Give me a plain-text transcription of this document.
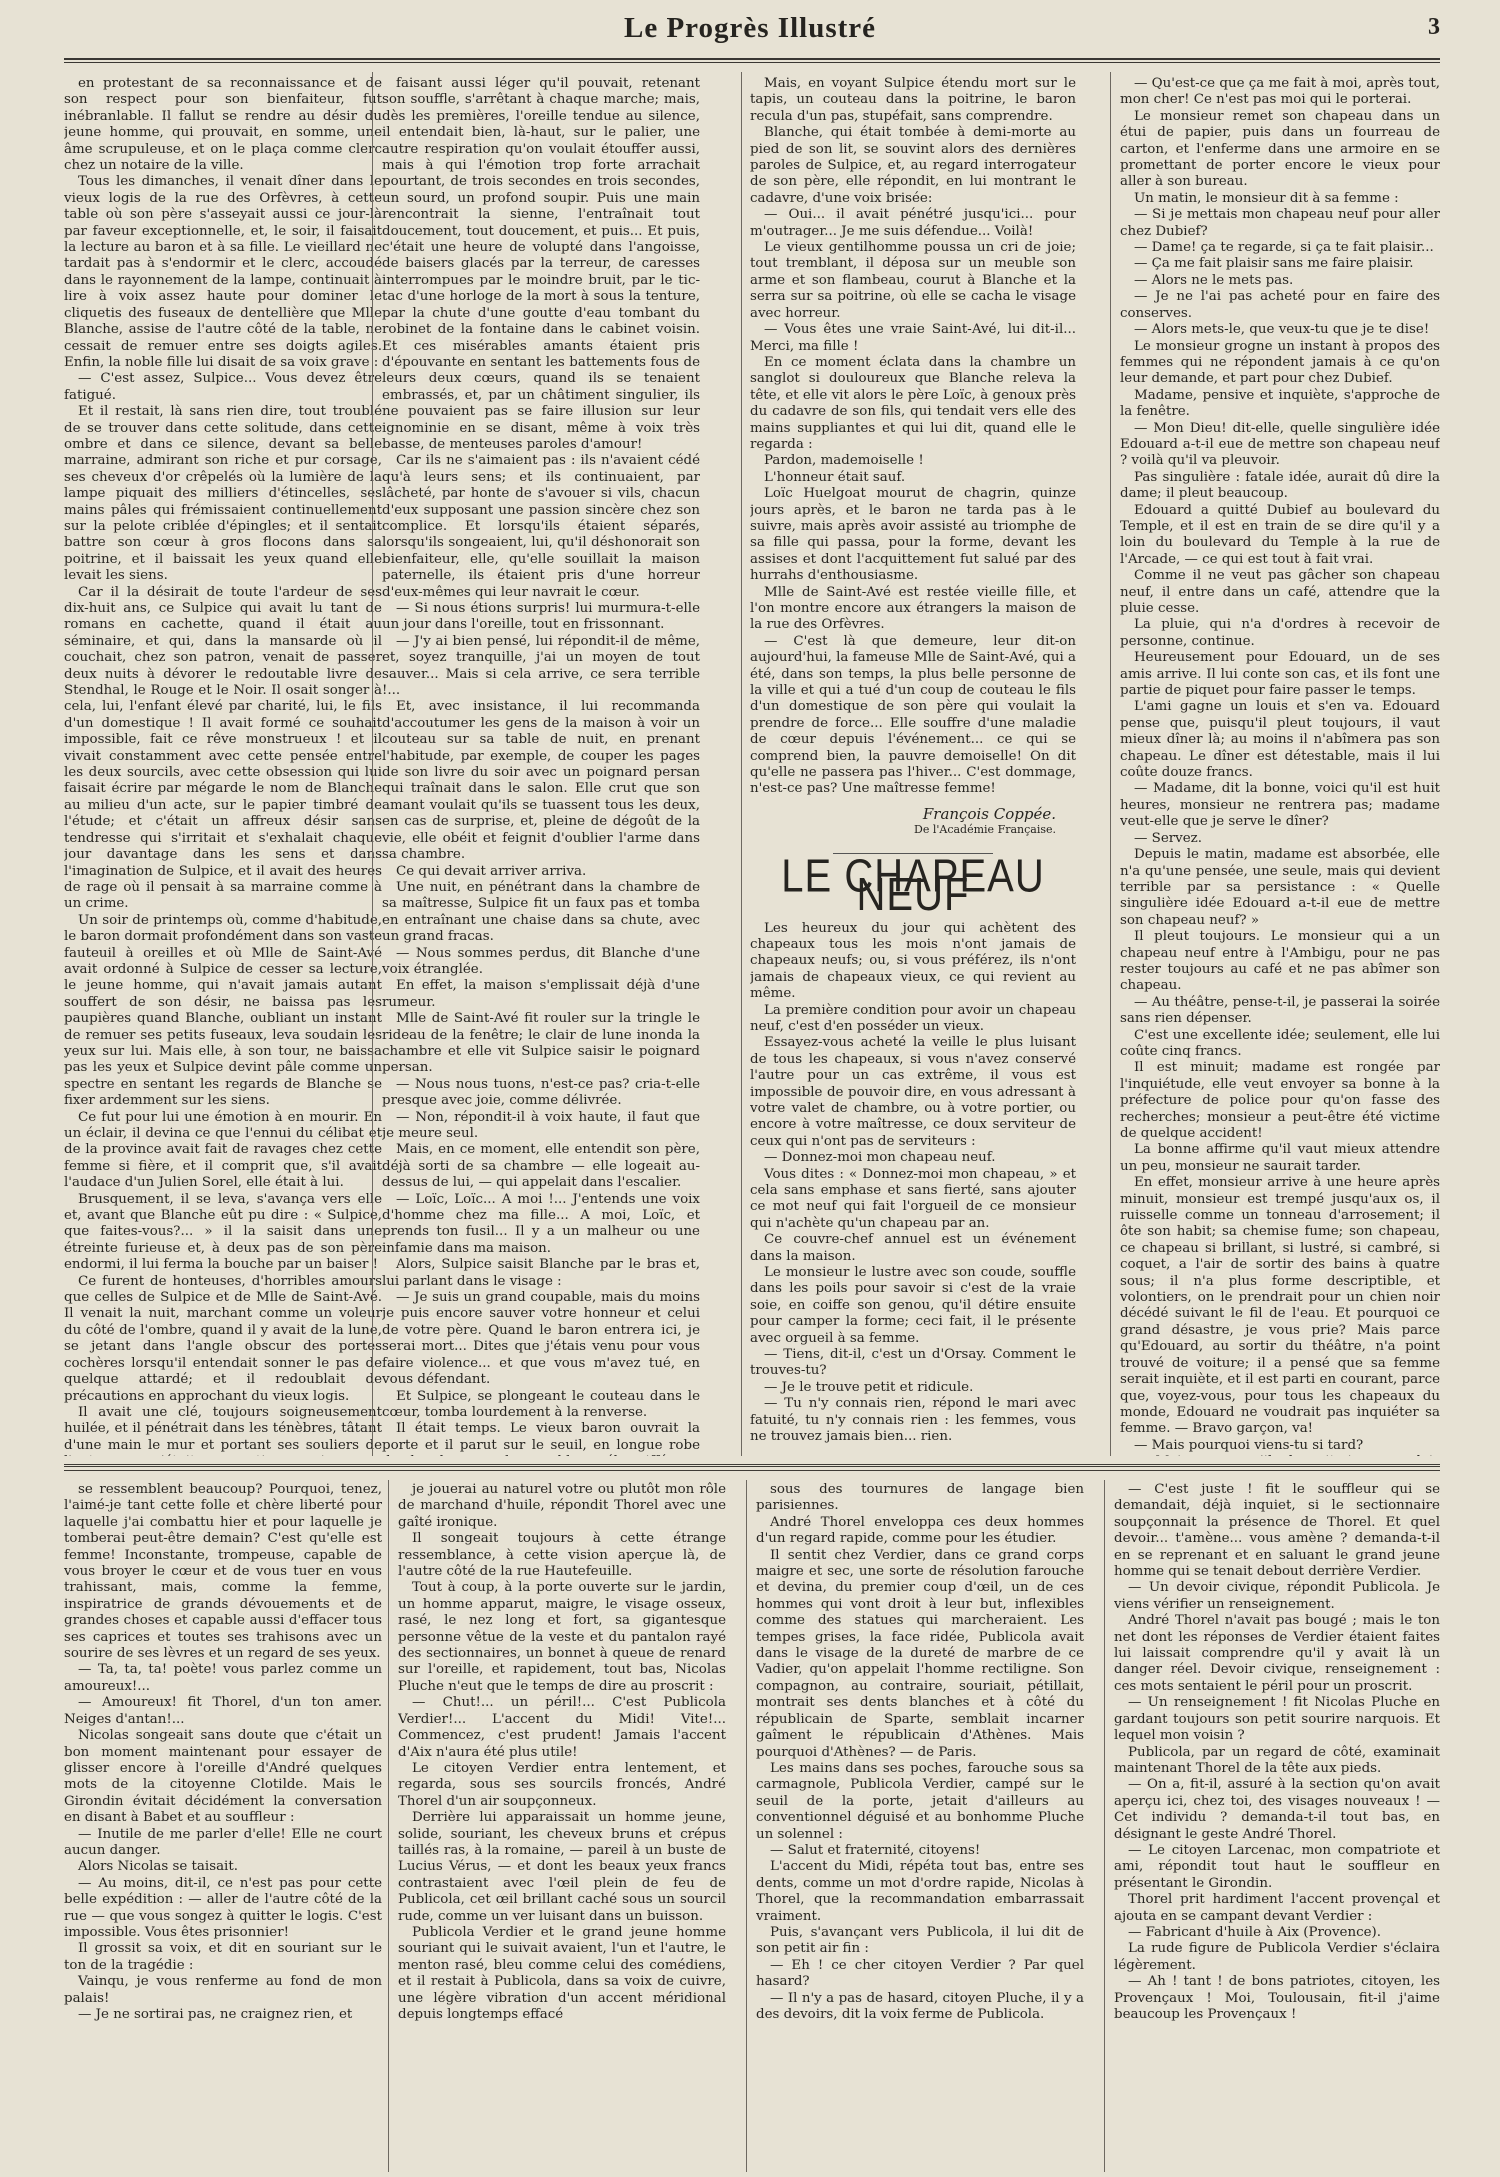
Le Progrès Illustré	3

en protestant de sa reconnaissance et de son respect pour son bienfaiteur, fut inébranlable. Il fallut se rendre au désir du jeune homme, qui prouvait, en somme, une âme scrupuleuse, et on le plaça comme clerc chez un notaire de la ville.

Tous les dimanches, il venait dîner dans le vieux logis de la rue des Orfèvres, à cette table où son père s'asseyait aussi ce jour-là par faveur exceptionnelle, et, le soir, il faisait la lecture au baron et à sa fille. Le vieillard ne tardait pas à s'endormir et le clerc, accoudé dans le rayonnement de la lampe, continuait à lire à voix assez haute pour dominer le cliquetis des fuseaux de dentellière que Mlle Blanche, assise de l'autre côté de la table, ne cessait de remuer entre ses doigts agiles. Enfin, la noble fille lui disait de sa voix grave :

— C'est assez, Sulpice... Vous devez être fatigué.

Et il restait, là sans rien dire, tout troublé de se trouver dans cette solitude, dans cette ombre et dans ce silence, devant sa belle marraine, admirant son riche et pur corsage, ses cheveux d'or crêpelés où la lumière de la lampe piquait des milliers d'étincelles, ses mains pâles qui frémissaient continuellement sur la pelote criblée d'épingles; et il sentait battre son cœur à gros flocons dans sa poitrine, et il baissait les yeux quand elle levait les siens.

Car il la désirait de toute l'ardeur de ses dix-huit ans, ce Sulpice qui avait lu tant de romans en cachette, quand il était au séminaire, et qui, dans la mansarde où il couchait, chez son patron, venait de passer deux nuits à dévorer le redoutable livre de Stendhal, le Rouge et le Noir. Il osait songer à cela, lui, l'enfant élevé par charité, lui, le fils d'un domestique ! Il avait formé ce souhait impossible, fait ce rêve monstrueux ! et il vivait constamment avec cette pensée entre les deux sourcils, avec cette obsession qui lui faisait écrire par mégarde le nom de Blanche au milieu d'un acte, sur le papier timbré de l'étude; et c'était un affreux désir sans tendresse qui s'irritait et s'exhalait chaque jour davantage dans les sens et dans l'imagination de Sulpice, et il avait des heures de rage où il pensait à sa marraine comme à un crime.

Un soir de printemps où, comme d'habitude, le baron dormait profondément dans son vaste fauteuil à oreilles et où Mlle de Saint-Avé avait ordonné à Sulpice de cesser sa lecture, le jeune homme, qui n'avait jamais autant souffert de son désir, ne baissa pas les paupières quand Blanche, oubliant un instant de remuer ses petits fuseaux, leva soudain les yeux sur lui. Mais elle, à son tour, ne baissa pas les yeux et Sulpice devint pâle comme un spectre en sentant les regards de Blanche se fixer ardemment sur les siens.

Ce fut pour lui une émotion à en mourir. En un éclair, il devina ce que l'ennui du célibat et de la province avait fait de ravages chez cette femme si fière, et il comprit que, s'il avait l'audace d'un Julien Sorel, elle était à lui.

Brusquement, il se leva, s'avança vers elle et, avant que Blanche eût pu dire : « Sulpice, que faites-vous?... » il la saisit dans une étreinte furieuse et, à deux pas de son père endormi, il lui ferma la bouche par un baiser !

Ce furent de honteuses, d'horribles amours que celles de Sulpice et de Mlle de Saint-Avé. Il venait la nuit, marchant comme un voleur du côté de l'ombre, quand il y avait de la lune, se jetant dans l'angle obscur des portes cochères lorsqu'il entendait sonner le pas de quelque attardé; et il redoublait de précautions en approchant du vieux logis.

Il avait une clé, toujours soigneusement huilée, et il pénétrait dans les ténèbres, tâtant d'une main le mur et portant ses souliers de

faisant aussi léger qu'il pouvait, retenant son souffle, s'arrêtant à chaque marche; mais, dès les premières, l'oreille tendue au silence, il entendait bien, là-haut, sur le palier, une autre respiration qu'on voulait étouffer aussi, mais à qui l'émotion trop forte arrachait pourtant, de trois secondes en trois secondes, un sourd, un profond soupir. Puis une main rencontrait la sienne, l'entraînait tout doucement, tout doucement, et puis... Et puis, c'était une heure de volupté dans l'angoisse, de baisers glacés par la terreur, de caresses interrompues par le moindre bruit, par le tic-tac d'une horloge de la mort à sous la tenture, par la chute d'une goutte d'eau tombant du robinet de la fontaine dans le cabinet voisin. Et ces misérables amants étaient pris d'épouvante en sentant les battements fous de leurs deux cœurs, quand ils se tenaient embrassés, et, par un châtiment singulier, ils ne pouvaient pas se faire illusion sur leur ignominie en se disant, même à voix très basse, de menteuses paroles d'amour!

Car ils ne s'aimaient pas : ils n'avaient cédé qu'à leurs sens; et ils continuaient, par lâcheté, par honte de s'avouer si vils, chacun d'eux supposant une passion sincère chez son complice. Et lorsqu'ils étaient séparés, lorsqu'ils songeaient, lui, qu'il déshonorait son bienfaiteur, elle, qu'elle souillait la maison paternelle, ils étaient pris d'une horreur d'eux-mêmes qui leur navrait le cœur.

— Si nous étions surpris! lui murmura-t-elle un jour dans l'oreille, tout en frissonnant.

— J'y ai bien pensé, lui répondit-il de même, et, soyez tranquille, j'ai un moyen de tout sauver... Mais si cela arrive, ce sera terrible !...

Et, avec insistance, il lui recommanda d'accoutumer les gens de la maison à voir un couteau sur sa table de nuit, en prenant l'habitude, par exemple, de couper les pages de son livre du soir avec un poignard persan qui traînait dans le salon. Elle crut que son amant voulait qu'ils se tuassent tous les deux, en cas de surprise, et, pleine de dégoût de la vie, elle obéit et feignit d'oublier l'arme dans sa chambre.

Ce qui devait arriver arriva.

Une nuit, en pénétrant dans la chambre de sa maîtresse, Sulpice fit un faux pas et tomba en entraînant une chaise dans sa chute, avec un grand fracas.

— Nous sommes perdus, dit Blanche d'une voix étranglée.

En effet, la maison s'emplissait déjà d'une rumeur.

Mlle de Saint-Avé fit rouler sur la tringle le rideau de la fenêtre; le clair de lune inonda la chambre et elle vit Sulpice saisir le poignard persan.

— Nous nous tuons, n'est-ce pas? cria-t-elle presque avec joie, comme délivrée.

— Non, répondit-il à voix haute, il faut que je meure seul.

Mais, en ce moment, elle entendit son père, déjà sorti de sa chambre — elle logeait au-dessus de lui, — qui appelait dans l'escalier.

— Loïc, Loïc... A moi !... J'entends une voix d'homme chez ma fille... A moi, Loïc, et prends ton fusil... Il y a un malheur ou une infamie dans ma maison.

Alors, Sulpice saisit Blanche par le bras et, lui parlant dans le visage :

— Je suis un grand coupable, mais du moins je puis encore sauver votre honneur et celui de votre père. Quand le baron entrera ici, je serai mort... Dites que j'étais venu pour vous faire violence... et que vous m'avez tué, en vous défendant.

Et Sulpice, se plongeant le couteau dans le cœur, tomba lourdement à la renverse.

Il était temps. Le vieux baron ouvrait la porte et il parut sur le seuil, en longue robe

Mais, en voyant Sulpice étendu mort sur le tapis, un couteau dans la poitrine, le baron recula d'un pas, stupéfait, sans comprendre.

Blanche, qui était tombée à demi-morte au pied de son lit, se souvint alors des dernières paroles de Sulpice, et, au regard interrogateur de son père, elle répondit, en lui montrant le cadavre, d'une voix brisée:

— Oui... il avait pénétré jusqu'ici... pour m'outrager... Je me suis défendue... Voilà!

Le vieux gentilhomme poussa un cri de joie; tout tremblant, il déposa sur un meuble son arme et son flambeau, courut à Blanche et la serra sur sa poitrine, où elle se cacha le visage avec horreur.

— Vous êtes une vraie Saint-Avé, lui dit-il... Merci, ma fille !

En ce moment éclata dans la chambre un sanglot si douloureux que Blanche releva la tête, et elle vit alors le père Loïc, à genoux près du cadavre de son fils, qui tendait vers elle des mains suppliantes et qui lui dit, quand elle le regarda :

Pardon, mademoiselle !

L'honneur était sauf.

Loïc Huelgoat mourut de chagrin, quinze jours après, et le baron ne tarda pas à le suivre, mais après avoir assisté au triomphe de sa fille qui passa, pour la forme, devant les assises et dont l'acquittement fut salué par des hurrahs d'enthousiasme.

Mlle de Saint-Avé est restée vieille fille, et l'on montre encore aux étrangers la maison de la rue des Orfèvres.

— C'est là que demeure, leur dit-on aujourd'hui, la fameuse Mlle de Saint-Avé, qui a été, dans son temps, la plus belle personne de la ville et qui a tué d'un coup de couteau le fils d'un domestique de son père qui voulait la prendre de force... Elle souffre d'une maladie de cœur depuis l'événement... ce qui se comprend bien, la pauvre demoiselle! On dit qu'elle ne passera pas l'hiver... C'est dommage, n'est-ce pas? Une maîtresse femme!

François Coppée.
De l'Académie Française.
LE CHAPEAU NEUF

Les heureux du jour qui achètent des chapeaux tous les mois n'ont jamais de chapeaux neufs; ou, si vous préférez, ils n'ont jamais de chapeaux vieux, ce qui revient au même.

La première condition pour avoir un chapeau neuf, c'est d'en posséder un vieux.

Essayez-vous acheté la veille le plus luisant de tous les chapeaux, si vous n'avez conservé l'autre pour un cas extrême, il vous est impossible de pouvoir dire, en vous adressant à votre valet de chambre, ou à votre portier, ou encore à votre maîtresse, ce doux serviteur de ceux qui n'ont pas de serviteurs :

— Donnez-moi mon chapeau neuf.

Vous dites : « Donnez-moi mon chapeau, » et cela sans emphase et sans fierté, sans ajouter ce mot neuf qui fait l'orgueil de ce monsieur qui n'achète qu'un chapeau par an.

Ce couvre-chef annuel est un événement dans la maison.

Le monsieur le lustre avec son coude, souffle dans les poils pour savoir si c'est de la vraie soie, en coiffe son genou, qu'il détire ensuite pour camper la forme; ceci fait, il le présente avec orgueil à sa femme.

— Tiens, dit-il, c'est un d'Orsay. Comment le trouves-tu?

— Je le trouve petit et ridicule.

— Tu n'y connais rien, répond le mari avec fatuité, tu n'y connais rien : les femmes, vous ne trouvez jamais bien... rien.

— Qu'est-ce que ça me fait à moi, après tout, mon cher! Ce n'est pas moi qui le porterai.

Le monsieur remet son chapeau dans un étui de papier, puis dans un fourreau de carton, et l'enferme dans une armoire en se promettant de porter encore le vieux pour aller à son bureau.

Un matin, le monsieur dit à sa femme :

— Si je mettais mon chapeau neuf pour aller chez Dubief?

— Dame! ça te regarde, si ça te fait plaisir...

— Ça me fait plaisir sans me faire plaisir.

— Alors ne le mets pas.

— Je ne l'ai pas acheté pour en faire des conserves.

— Alors mets-le, que veux-tu que je te dise!

Le monsieur grogne un instant à propos des femmes qui ne répondent jamais à ce qu'on leur demande, et part pour chez Dubief.

Madame, pensive et inquiète, s'approche de la fenêtre.

— Mon Dieu! dit-elle, quelle singulière idée Edouard a-t-il eue de mettre son chapeau neuf ? voilà qu'il va pleuvoir.

Pas singulière : fatale idée, aurait dû dire la dame; il pleut beaucoup.

Edouard a quitté Dubief au boulevard du Temple, et il est en train de se dire qu'il y a loin du boulevard du Temple à la rue de l'Arcade, — ce qui est tout à fait vrai.

Comme il ne veut pas gâcher son chapeau neuf, il entre dans un café, attendre que la pluie cesse.

La pluie, qui n'a d'ordres à recevoir de personne, continue.

Heureusement pour Edouard, un de ses amis arrive. Il lui conte son cas, et ils font une partie de piquet pour faire passer le temps.

L'ami gagne un louis et s'en va. Edouard pense que, puisqu'il pleut toujours, il vaut mieux dîner là; au moins il n'abîmera pas son chapeau. Le dîner est détestable, mais il lui coûte douze francs.

— Madame, dit la bonne, voici qu'il est huit heures, monsieur ne rentrera pas; madame veut-elle que je serve le dîner?

— Servez.

Depuis le matin, madame est absorbée, elle n'a qu'une pensée, une seule, mais qui devient terrible par sa persistance : « Quelle singulière idée Edouard a-t-il eue de mettre son chapeau neuf? »

Il pleut toujours. Le monsieur qui a un chapeau neuf entre à l'Ambigu, pour ne pas rester toujours au café et ne pas abîmer son chapeau.

— Au théâtre, pense-t-il, je passerai la soirée sans rien dépenser.

C'est une excellente idée; seulement, elle lui coûte cinq francs.

Il est minuit; madame est rongée par l'inquiétude, elle veut envoyer sa bonne à la préfecture de police pour qu'on fasse des recherches; monsieur a peut-être été victime de quelque accident!

La bonne affirme qu'il vaut mieux attendre un peu, monsieur ne saurait tarder.

En effet, monsieur arrive à une heure après minuit, monsieur est trempé jusqu'aux os, il ruisselle comme un tonneau d'arrosement; il ôte son habit; sa chemise fume; son chapeau, ce chapeau si brillant, si lustré, si cambré, si coquet, a l'air de sortir des bains à quatre sous; il n'a plus forme descriptible, et volontiers, on le prendrait pour un chien noir décédé suivant le fil de l'eau. Et pourquoi ce grand désastre, je vous prie? Mais parce qu'Edouard, au sortir du théâtre, n'a point trouvé de voiture; il a pensé que sa femme serait inquiète, et il est parti en courant, parce que, voyez-vous, pour tous les chapeaux du monde, Edouard ne voudrait pas inquiéter sa femme. — Bravo garçon, va!

— Mais pourquoi viens-tu si tard?

se ressemblent beaucoup? Pourquoi, tenez, l'aimé-je tant cette folle et chère liberté pour laquelle j'ai combattu hier et pour laquelle je tomberai peut-être demain? C'est qu'elle est femme! Inconstante, trompeuse, capable de vous broyer le cœur et de vous tuer en vous trahissant, mais, comme la femme, inspiratrice de grands dévouements et de grandes choses et capable aussi d'effacer tous ses caprices et toutes ses trahisons avec un sourire de ses lèvres et un regard de ses yeux.

— Ta, ta, ta! poète! vous parlez comme un amoureux!...

— Amoureux! fit Thorel, d'un ton amer. Neiges d'antan!...

Nicolas songeait sans doute que c'était un bon moment maintenant pour essayer de glisser encore à l'oreille d'André quelques mots de la citoyenne Clotilde. Mais le Girondin évitait décidément la conversation en disant à Babet et au souffleur :

— Inutile de me parler d'elle! Elle ne court aucun danger.

Alors Nicolas se taisait.

— Au moins, dit-il, ce n'est pas pour cette belle expédition : — aller de l'autre côté de la rue — que vous songez à quitter le logis. C'est impossible. Vous êtes prisonnier!

Il grossit sa voix, et dit en souriant sur le ton de la tragédie :

Vainqu, je vous renferme au fond de mon palais!

— Je ne sortirai pas, ne craignez rien, et

je jouerai au naturel votre ou plutôt mon rôle de marchand d'huile, répondit Thorel avec une gaîté ironique.

Il songeait toujours à cette étrange ressemblance, à cette vision aperçue là, de l'autre côté de la rue Hautefeuille.

Tout à coup, à la porte ouverte sur le jardin, un homme apparut, maigre, le visage osseux, rasé, le nez long et fort, sa gigantesque personne vêtue de la veste et du pantalon rayé des sectionnaires, un bonnet à queue de renard sur l'oreille, et rapidement, tout bas, Nicolas Pluche n'eut que le temps de dire au proscrit :

— Chut!... un péril!... C'est Publicola Verdier!... L'accent du Midi! Vite!... Commencez, c'est prudent! Jamais l'accent d'Aix n'aura été plus utile!

Le citoyen Verdier entra lentement, et regarda, sous ses sourcils froncés, André Thorel d'un air soupçonneux.

Derrière lui apparaissait un homme jeune, solide, souriant, les cheveux bruns et crépus taillés ras, à la romaine, — pareil à un buste de Lucius Vérus, — et dont les beaux yeux francs contrastaient avec l'œil plein de feu de Publicola, cet œil brillant caché sous un sourcil rude, comme un ver luisant dans un buisson.

Publicola Verdier et le grand jeune homme souriant qui le suivait avaient, l'un et l'autre, le menton rasé, bleu comme celui des comédiens, et il restait à Publicola, dans sa voix de cuivre, une légère vibration d'un accent méridional depuis longtemps effacé

sous des tournures de langage bien parisiennes.

André Thorel enveloppa ces deux hommes d'un regard rapide, comme pour les étudier.

Il sentit chez Verdier, dans ce grand corps maigre et sec, une sorte de résolution farouche et devina, du premier coup d'œil, un de ces hommes qui vont droit à leur but, inflexibles comme des statues qui marcheraient. Les tempes grises, la face ridée, Publicola avait dans le visage de la dureté de marbre de ce Vadier, qu'on appelait l'homme rectiligne. Son compagnon, au contraire, souriait, pétillait, montrait ses dents blanches et à côté du républicain de Sparte, semblait incarner gaîment le républicain d'Athènes. Mais pourquoi d'Athènes? — de Paris.

Les mains dans ses poches, farouche sous sa carmagnole, Publicola Verdier, campé sur le seuil de la porte, jetait d'ailleurs au conventionnel déguisé et au bonhomme Pluche un solennel :

— Salut et fraternité, citoyens!

L'accent du Midi, répéta tout bas, entre ses dents, comme un mot d'ordre rapide, Nicolas à Thorel, que la recommandation embarrassait vraiment.

Puis, s'avançant vers Publicola, il lui dit de son petit air fin :

— Eh ! ce cher citoyen Verdier ? Par quel hasard?

— Il n'y a pas de hasard, citoyen Pluche, il y a des devoirs, dit la voix ferme de Publicola.

— C'est juste ! fit le souffleur qui se demandait, déjà inquiet, si le sectionnaire soupçonnait la présence de Thorel. Et quel devoir... t'amène... vous amène ? demanda-t-il en se reprenant et en saluant le grand jeune homme qui se tenait debout derrière Verdier.

— Un devoir civique, répondit Publicola. Je viens vérifier un renseignement.

André Thorel n'avait pas bougé ; mais le ton net dont les réponses de Verdier étaient faites lui laissait comprendre qu'il y avait là un danger réel. Devoir civique, renseignement : ces mots sentaient le péril pour un proscrit.

— Un renseignement ! fit Nicolas Pluche en gardant toujours son petit sourire narquois. Et lequel mon voisin ?

Publicola, par un regard de côté, examinait maintenant Thorel de la tête aux pieds.

— On a, fit-il, assuré à la section qu'on avait aperçu ici, chez toi, des visages nouveaux ! — Cet individu ? demanda-t-il tout bas, en désignant le geste André Thorel.

— Le citoyen Larcenac, mon compatriote et ami, répondit tout haut le souffleur en présentant le Girondin.

Thorel prit hardiment l'accent provençal et ajouta en se campant devant Verdier :

— Fabricant d'huile à Aix (Provence).

La rude figure de Publicola Verdier s'éclaira légèrement.

— Ah ! tant ! de bons patriotes, citoyen, les Provençaux ! Moi, Toulousain, fit-il j'aime beaucoup les Provençaux !
